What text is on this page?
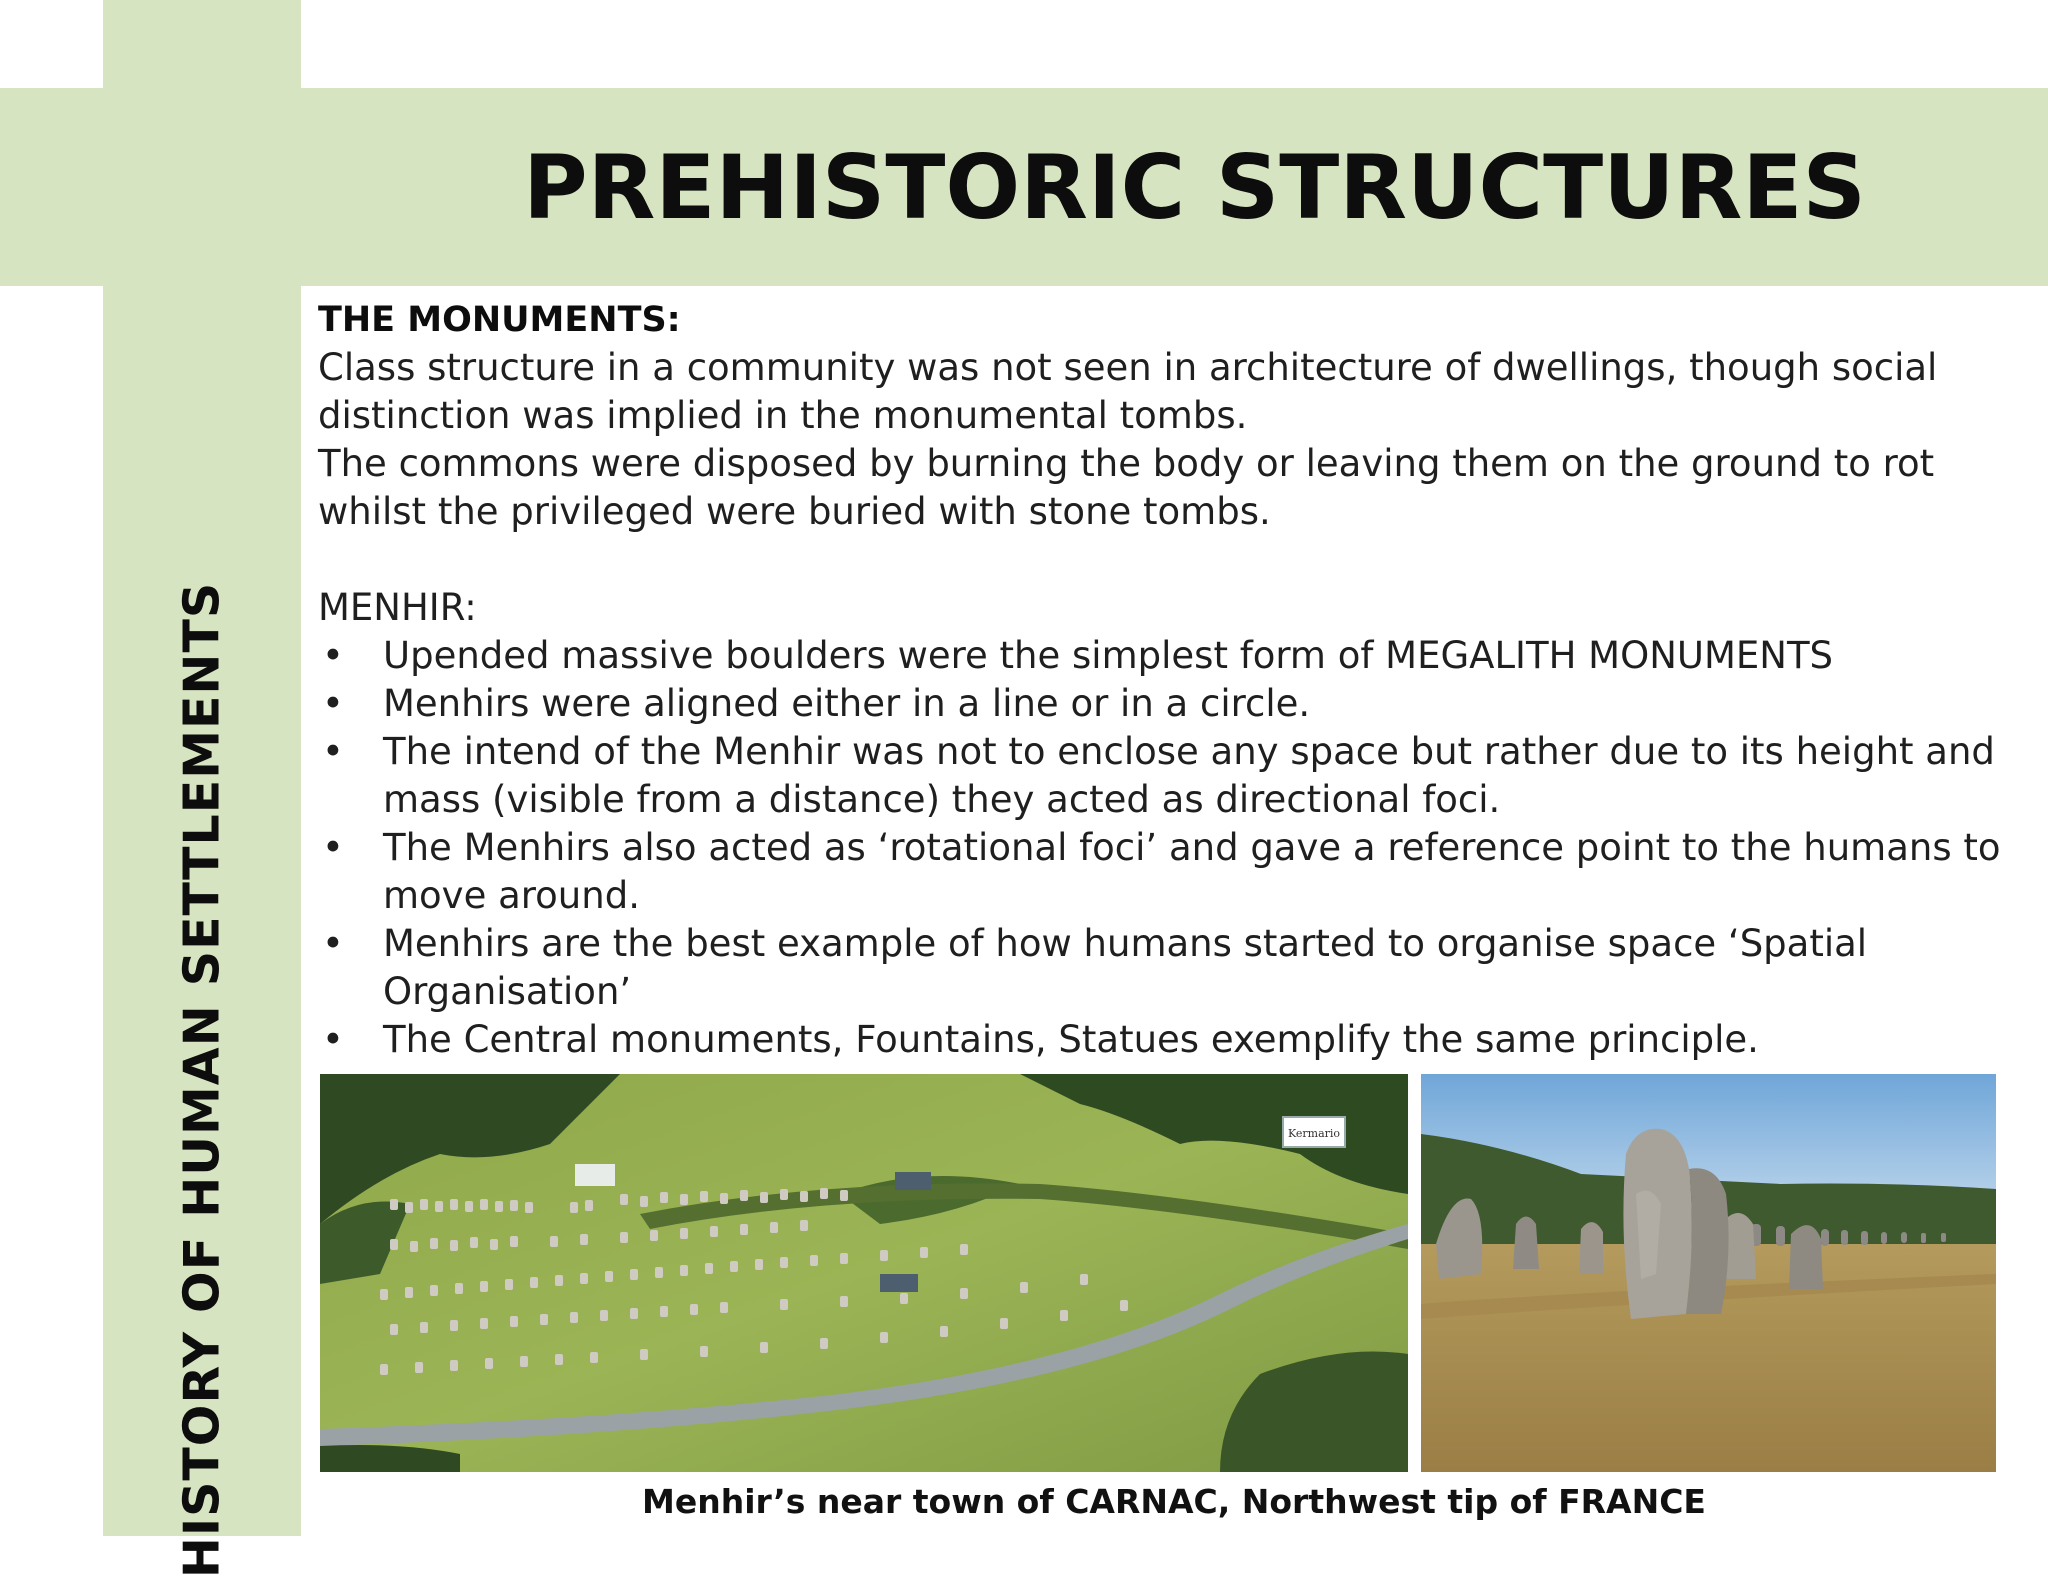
PREHISTORIC STRUCTURES
HISTORY OF HUMAN SETTLEMENTS

THE MONUMENTS:

Class structure in a community was not seen in architecture of dwellings, though social distinction was implied in the monumental tombs.

The commons were disposed by burning the body or leaving them on the ground to rot whilst the privileged were buried with stone tombs.

MENHIR:

• Upended massive boulders were the simplest form of MEGALITH MONUMENTS
• Menhirs were aligned either in a line or in a circle.
• The intend of the Menhir was not to enclose any space but rather due to its height and mass (visible from a distance) they acted as directional foci.
• The Menhirs also acted as ‘rotational foci’ and gave a reference point to the humans to move around.
• Menhirs are the best example of how humans started to organise space ‘Spatial Organisation’
• The Central monuments, Fountains, Statues exemplify the same principle.
Kermario
Menhir’s near town of CARNAC, Northwest tip of FRANCE
